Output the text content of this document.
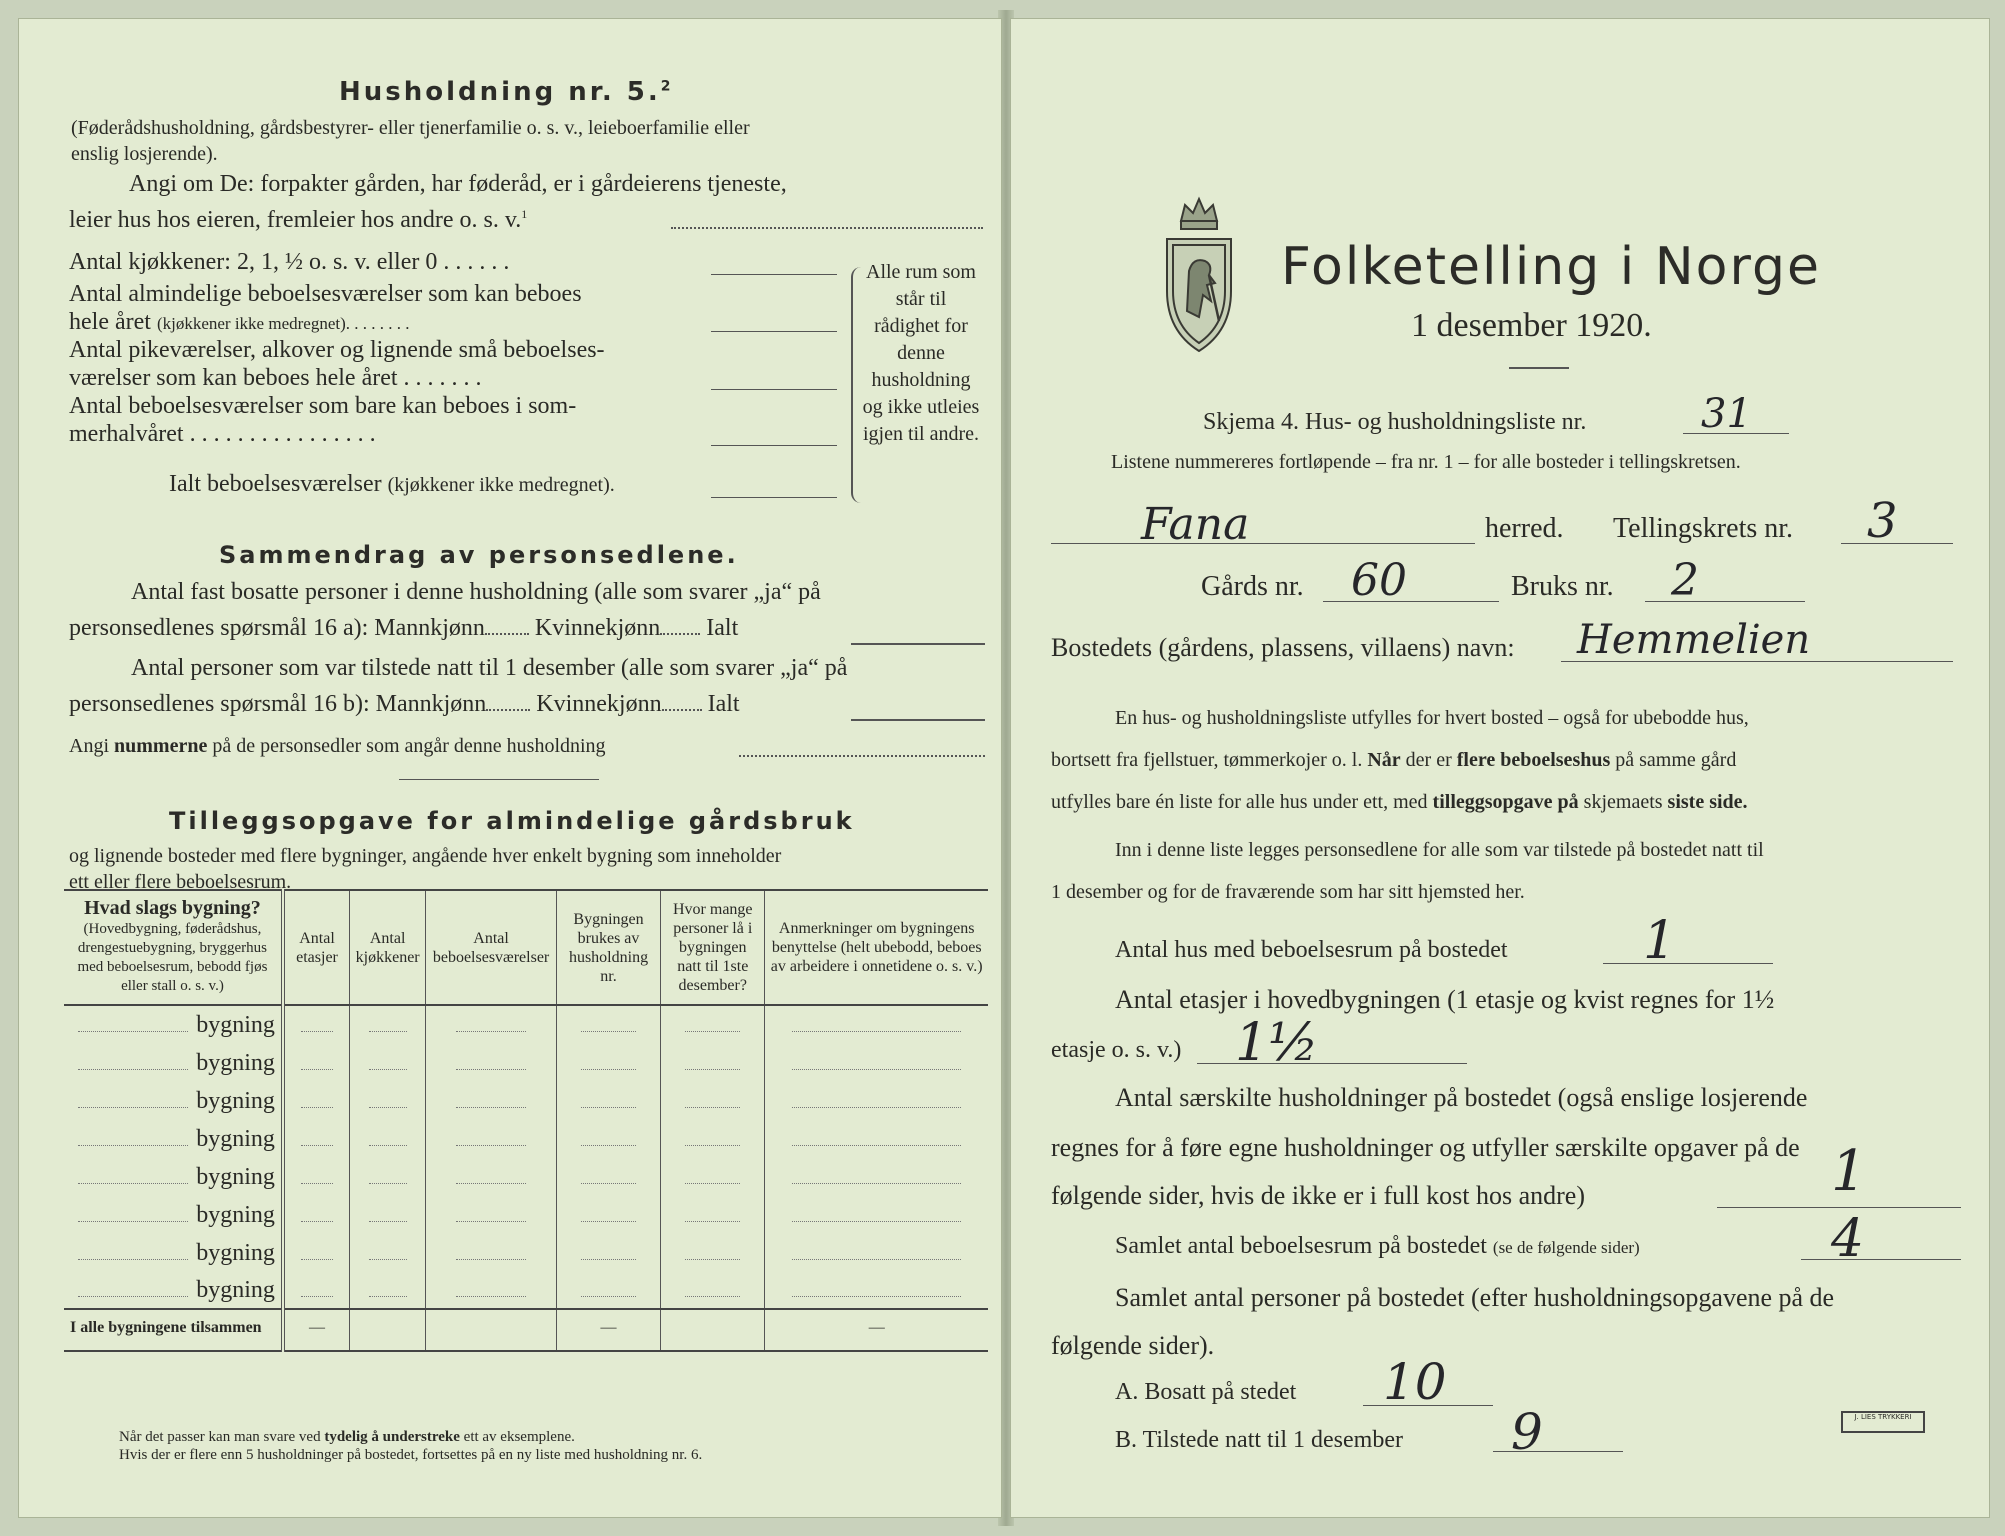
Husholdning nr. 5.$^2$
(Føderådshusholdning, gårdsbestyrer- eller tjenerfamilie o. s. v., leieboerfamilie eller
enslig losjerende).
Angi om De: forpakter gården, har føderåd, er i gårdeierens tjeneste,
leier hus hos eieren, fremleier hos andre o. s. v.$^1$
Antal kjøkkener: 2, 1, ½ o. s. v. eller 0 . . . . . .
Antal almindelige beboelsesværelser som kan beboes
hele året (kjøkkener ikke medregnet). . . . . . . .
Antal pikeværelser, alkover og lignende små beboelses-
værelser som kan beboes hele året . . . . . . .
Antal beboelsesværelser som bare kan beboes i som-
merhalvåret . . . . . . . . . . . . . . . .
Ialt beboelsesværelser (kjøkkener ikke medregnet).
Alle rum som står til rådighet for denne husholdning og ikke utleies igjen til andre.
Sammendrag av personsedlene.
Antal fast bosatte personer i denne husholdning (alle som svarer „ja“ på
personsedlenes spørsmål 16 a): Mannkjønn Kvinnekjønn Ialt
Antal personer som var tilstede natt til 1 desember (alle som svarer „ja“ på
personsedlenes spørsmål 16 b): Mannkjønn Kvinnekjønn Ialt
Angi nummerne på de personsedler som angår denne husholdning
Tilleggsopgave for almindelige gårdsbruk
og lignende bosteder med flere bygninger, angående hver enkelt bygning som inneholder
ett eller flere beboelsesrum.
Hvad slags bygning?
(Hovedbygning, føderådshus, drengestuebygning, bryggerhus med beboelsesrum, bebodd fjøs eller stall o. s. v.)	Antal etasjer	Antal kjøkkener	Antal beboelsesværelser	Bygningen brukes av husholdning nr.	Hvor mange personer lå i bygningen natt til 1ste desember?	Anmerkninger om bygningens benyttelse (helt ubebodd, beboes av arbeidere i onnetidene o. s. v.)
bygning						
bygning						
bygning						
bygning						
bygning						
bygning						
bygning						
bygning						
I alle bygningene tilsammen	—			—		—
Når det passer kan man svare ved tydelig å understreke ett av eksemplene.
Hvis der er flere enn 5 husholdninger på bostedet, fortsettes på en ny liste med husholdning nr. 6.
Folketelling i Norge
1 desember 1920.
Skjema 4. Hus- og husholdningsliste nr.	31
Listene nummereres fortløpende – fra nr. 1 – for alle bosteder i tellingskretsen.
Fana	herred. Tellingskrets nr. 3
Gårds nr. 60	Bruks nr. 2
Bostedets (gårdens, plassens, villaens) navn: Hemmelien
En hus- og husholdningsliste utfylles for hvert bosted – også for ubebodde hus,
bortsett fra fjellstuer, tømmerkojer o. l. Når der er flere beboelseshus på samme gård
utfylles bare én liste for alle hus under ett, med tilleggsopgave på skjemaets siste side.
Inn i denne liste legges personsedlene for alle som var tilstede på bostedet natt til
1 desember og for de fraværende som har sitt hjemsted her.
Antal hus med beboelsesrum på bostedet	1
Antal etasjer i hovedbygningen (1 etasje og kvist regnes for 1½
etasje o. s. v.) 1½
Antal særskilte husholdninger på bostedet (også enslige losjerende
regnes for å føre egne husholdninger og utfyller særskilte opgaver på de
følgende sider, hvis de ikke er i full kost hos andre)	1
Samlet antal beboelsesrum på bostedet (se de følgende sider)	4
Samlet antal personer på bostedet (efter husholdningsopgavene på de
følgende sider).
A. Bosatt på stedet 10
B. Tilstede natt til 1 desember 9	J. LIES TRYKKERI
